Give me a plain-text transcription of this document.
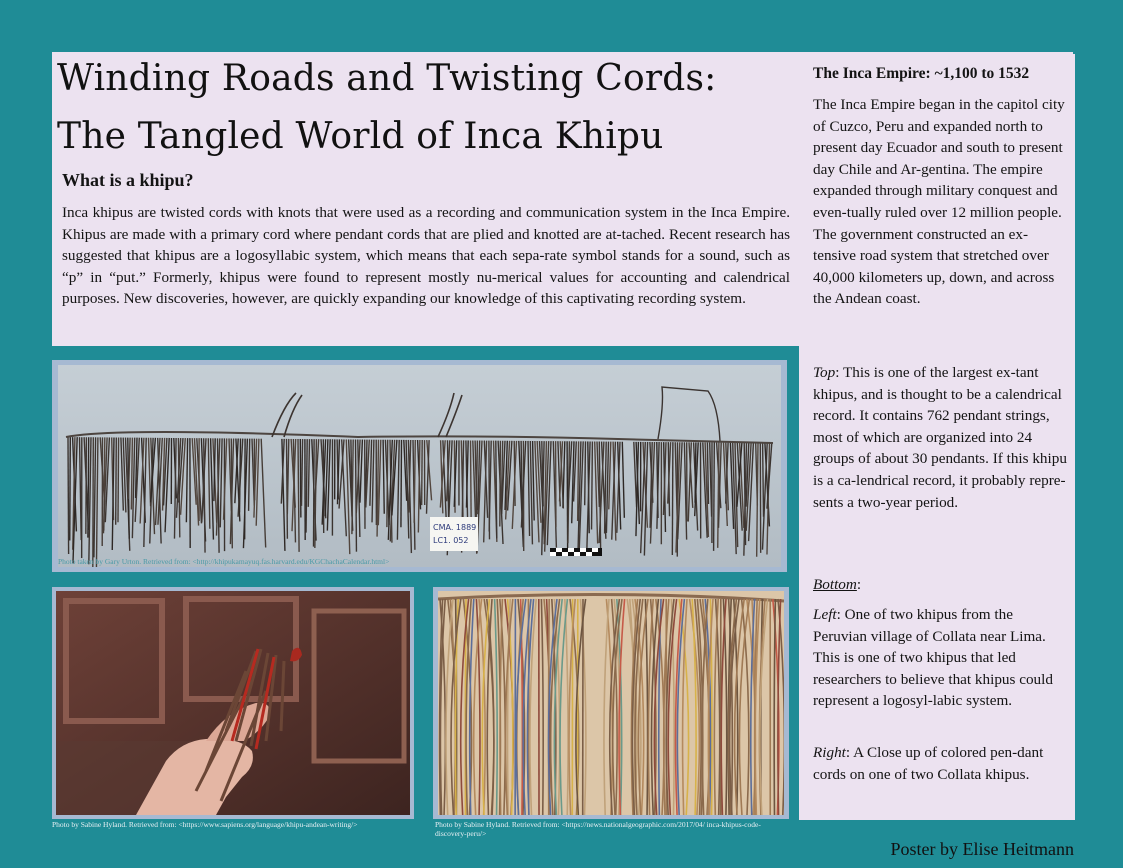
Winding Roads and Twisting Cords:
The Tangled World of Inca Khipu
What is a khipu?

Inca khipus are twisted cords with knots that were used as a recording and communication system in the Inca Empire. Khipus are made with a primary cord where pendant cords that are plied and knotted are at-tached. Recent research has suggested that khipus are a logosyllabic system, which means that each sepa-rate symbol stands for a sound, such as “p” in “put.” Formerly, khipus were found to represent mostly nu-merical values for accounting and calendrical purposes. New discoveries, however, are quickly expanding our knowledge of this captivating recording system.

The Inca Empire: ~1,100 to 1532

The Inca Empire began in the capitol city of Cuzco, Peru and expanded north to present day Ecuador and south to present day Chile and Ar-gentina. The empire expanded through military conquest and even-tually ruled over 12 million people. The government constructed an ex-tensive road system that stretched over 40,000 kilometers up, down, and across the Andean coast.

Top: This is one of the largest ex-tant khipus, and is thought to be a calendrical record. It contains 762 pendant strings, most of which are organized into 24 groups of about 30 pendants. If this khipu is a ca-lendrical record, it probably repre-sents a two-year period.

Bottom:

Left: One of two khipus from the Peruvian village of Collata near Lima. This is one of two khipus that led researchers to believe that khipus could represent a logosyl-labic system.

Right: A Close up of colored pen-dant cords on one of two Collata khipus.

CMA. 1889
LC1. 052

Photo taken by Gary Urton. Retrieved from: <http://khipukamayuq.fas.harvard.edu/KGChachaCalendar.html>

Photo by Sabine Hyland. Retrieved from: <https://www.sapiens.org/language/khipu-andean-writing/>	Photo by Sabine Hyland. Retrieved from: <https://news.nationalgeographic.com/2017/04/ inca-khipus-code-discovery-peru/>

Poster by Elise Heitmann
